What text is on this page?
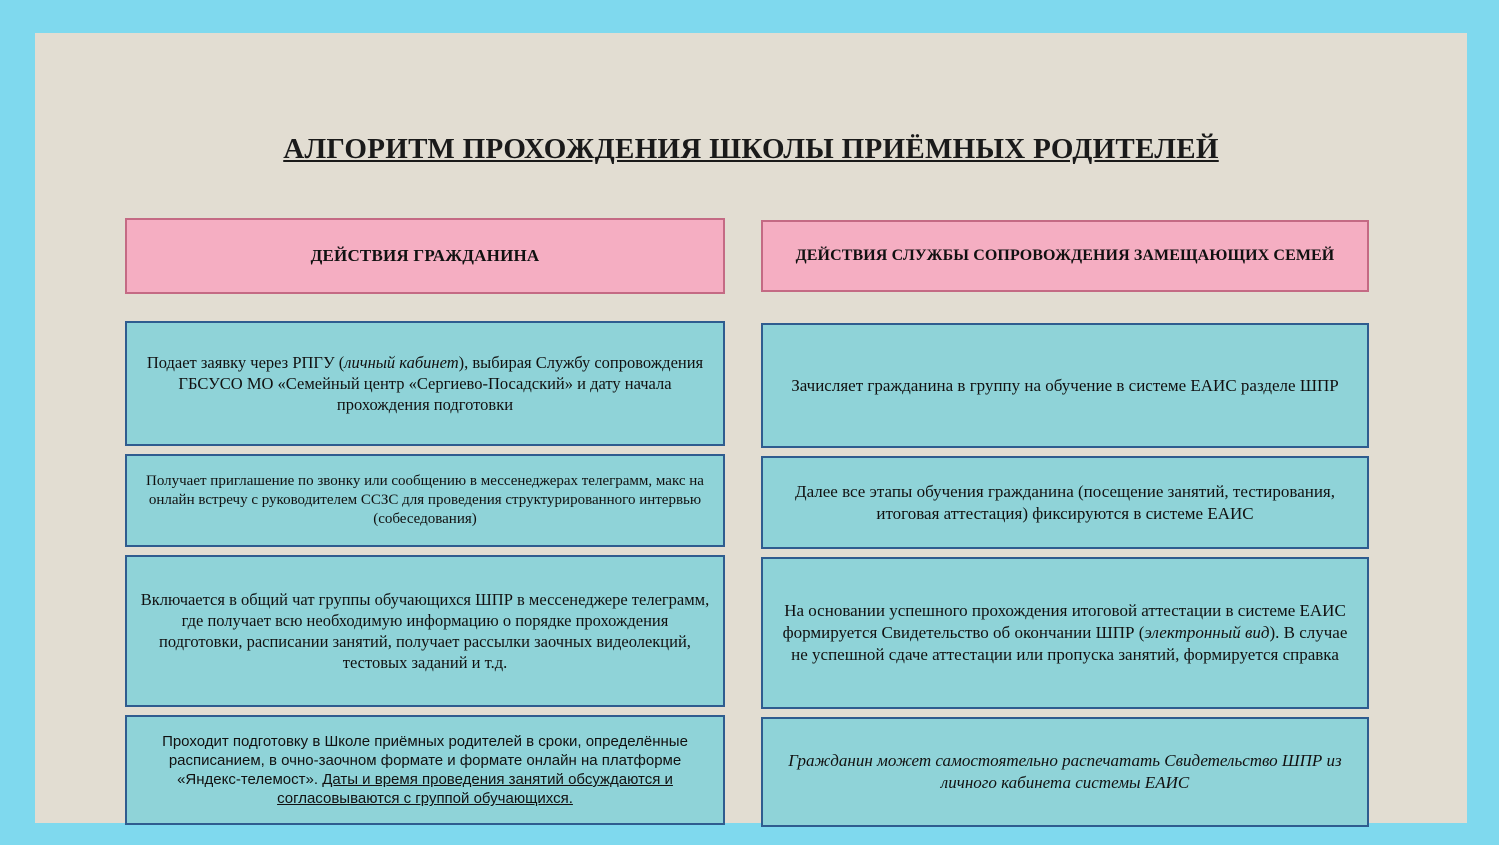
АЛГОРИТМ ПРОХОЖДЕНИЯ ШКОЛЫ ПРИЁМНЫХ РОДИТЕЛЕЙ
ДЕЙСТВИЯ ГРАЖДАНИНА
Подает заявку через РПГУ (личный кабинет), выбирая Службу сопровождения ГБСУСО МО «Семейный центр «Сергиево-Посадский» и дату начала прохождения подготовки
Получает приглашение по звонку или сообщению в мессенеджерах телеграмм, макс на онлайн встречу с руководителем ССЗС для проведения структурированного интервью (собеседования)
Включается в общий чат группы обучающихся ШПР в мессенеджере телеграмм, где получает всю необходимую информацию о порядке прохождения подготовки, расписании занятий, получает рассылки заочных видеолекций, тестовых заданий и т.д.
Проходит подготовку в Школе приёмных родителей в сроки, определённые расписанием, в очно-заочном формате и формате онлайн на платформе «Яндекс-телемост». Даты и время проведения занятий обсуждаются и согласовываются с группой обучающихся.
ДЕЙСТВИЯ СЛУЖБЫ СОПРОВОЖДЕНИЯ ЗАМЕЩАЮЩИХ СЕМЕЙ
Зачисляет гражданина в группу на обучение в системе ЕАИС разделе ШПР
Далее все этапы обучения гражданина (посещение занятий, тестирования, итоговая аттестация) фиксируются в системе ЕАИС
На основании успешного прохождения итоговой аттестации в системе ЕАИС формируется Свидетельство об окончании ШПР (электронный вид). В случае не успешной сдаче аттестации или пропуска занятий, формируется справка
Гражданин может самостоятельно распечатать Свидетельство ШПР из личного кабинета системы ЕАИС
